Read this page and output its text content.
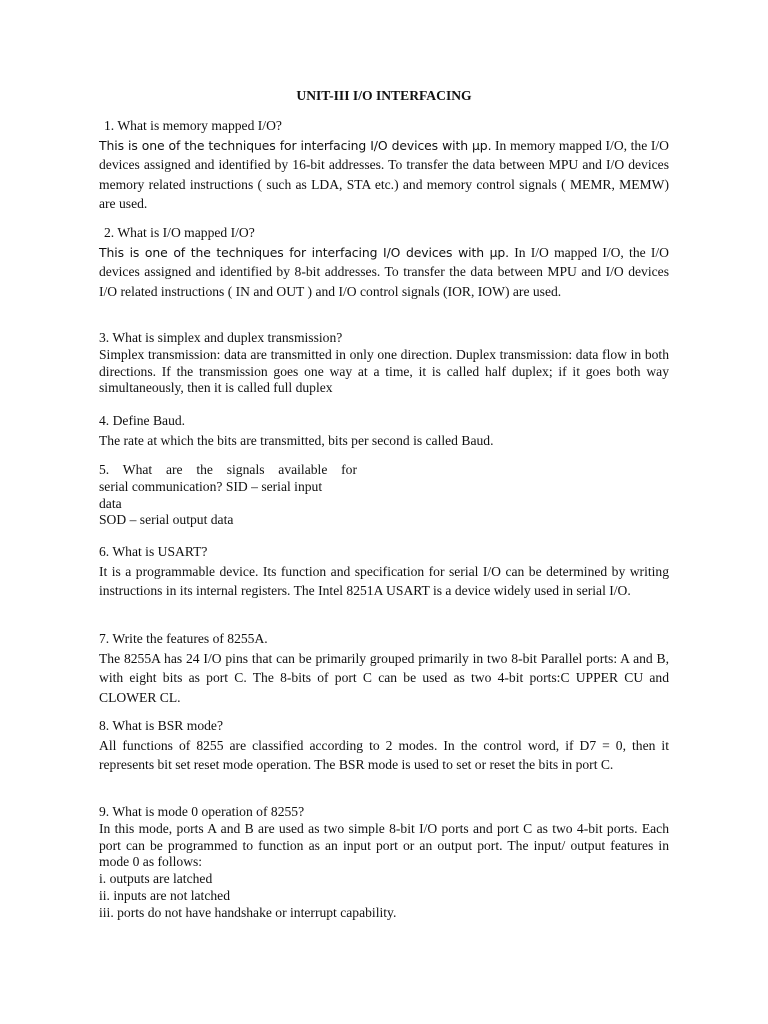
UNIT-III I/O INTERFACING
1. What is memory mapped I/O?
This is one of the techniques for interfacing I/O devices with µp. In memory mapped I/O, the I/O devices assigned and identified by 16-bit addresses. To transfer the data between MPU and I/O devices memory related instructions ( such as LDA, STA etc.) and memory control signals ( MEMR, MEMW) are used.
2. What is I/O mapped I/O?
This is one of the techniques for interfacing I/O devices with µp. In I/O mapped I/O, the I/O devices assigned and identified by 8-bit addresses. To transfer the data between MPU and I/O devices I/O related instructions ( IN and OUT ) and I/O control signals (IOR, IOW) are used.
3. What is simplex and duplex transmission?
Simplex transmission: data are transmitted in only one direction. Duplex transmission: data flow in both directions. If the transmission goes one way at a time, it is called half duplex; if it goes both way simultaneously, then it is called full duplex
4. Define Baud.
The rate at which the bits are transmitted, bits per second is called Baud.
5. What are the signals available for
serial communication? SID – serial input
data
SOD – serial output data
6. What is USART?
It is a programmable device. Its function and specification for serial I/O can be determined by writing instructions in its internal registers. The Intel 8251A USART is a device widely used in serial I/O.
7. Write the features of 8255A.
The 8255A has 24 I/O pins that can be primarily grouped primarily in two 8-bit Parallel ports: A and B, with eight bits as port C. The 8-bits of port C can be used as two 4-bit ports:C UPPER CU and CLOWER CL.
8. What is BSR mode?
All functions of 8255 are classified according to 2 modes. In the control word, if D7 = 0, then it represents bit set reset mode operation. The BSR mode is used to set or reset the bits in port C.
9. What is mode 0 operation of 8255?
In this mode, ports A and B are used as two simple 8-bit I/O ports and port C as two 4-bit ports. Each port can be programmed to function as an input port or an output port. The input/ output features in mode 0 as follows:
i. outputs are latched
ii. inputs are not latched
iii. ports do not have handshake or interrupt capability.
